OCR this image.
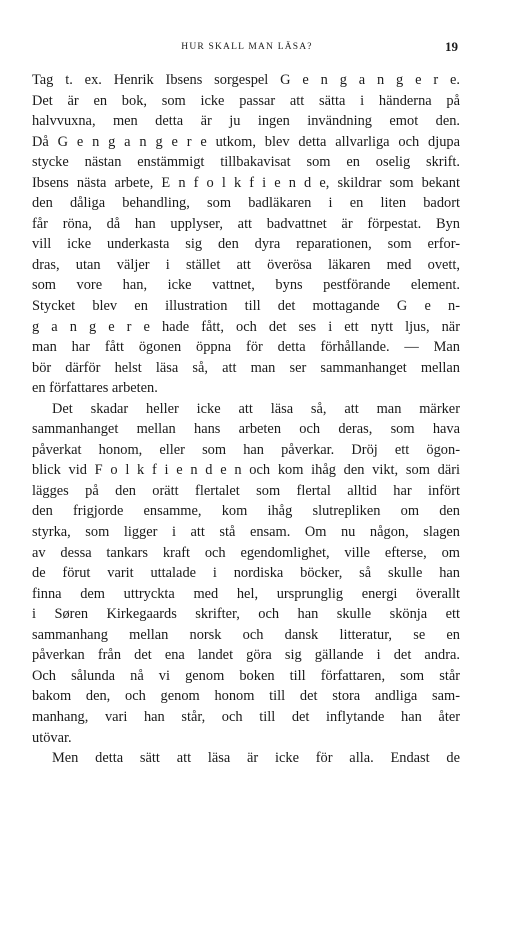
HUR SKALL MAN LÄSA?	19
Tag t. ex. Henrik Ibsens sorgespel G e n g a n g e r e.
Det är en bok, som icke passar att sätta i händerna på
halvvuxna, men detta är ju ingen invändning emot den.
Då G e n g a n g e r e utkom, blev detta allvarliga och djupa
stycke nästan enstämmigt tillbakavisat som en oselig skrift.
Ibsens nästa arbete, E n f o l k f i e n d e, skildrar som bekant
den dåliga behandling, som badläkaren i en liten badort
får röna, då han upplyser, att badvattnet är förpestat. Byn
vill icke underkasta sig den dyra reparationen, som erfor-
dras, utan väljer i stället att överösa läkaren med ovett,
som vore han, icke vattnet, byns pestförande element.
Stycket blev en illustration till det mottagande G e n-
g a n g e r e hade fått, och det ses i ett nytt ljus, när
man har fått ögonen öppna för detta förhållande. — Man
bör därför helst läsa så, att man ser sammanhanget mellan
en författares arbeten.
Det skadar heller icke att läsa så, att man märker
sammanhanget mellan hans arbeten och deras, som hava
påverkat honom, eller som han påverkar. Dröj ett ögon-
blick vid F o l k f i e n d e n och kom ihåg den vikt, som däri
lägges på den orätt flertalet som flertal alltid har infört
den frigjorde ensamme, kom ihåg slutrepliken om den
styrka, som ligger i att stå ensam. Om nu någon, slagen
av dessa tankars kraft och egendomlighet, ville efterse, om
de förut varit uttalade i nordiska böcker, så skulle han
finna dem uttryckta med hel, ursprunglig energi överallt
i Søren Kirkegaards skrifter, och han skulle skönja ett
sammanhang mellan norsk och dansk litteratur, se en
påverkan från det ena landet göra sig gällande i det andra.
Och sålunda nå vi genom boken till författaren, som står
bakom den, och genom honom till det stora andliga sam-
manhang, vari han står, och till det inflytande han åter
utövar.
Men detta sätt att läsa är icke för alla. Endast de
